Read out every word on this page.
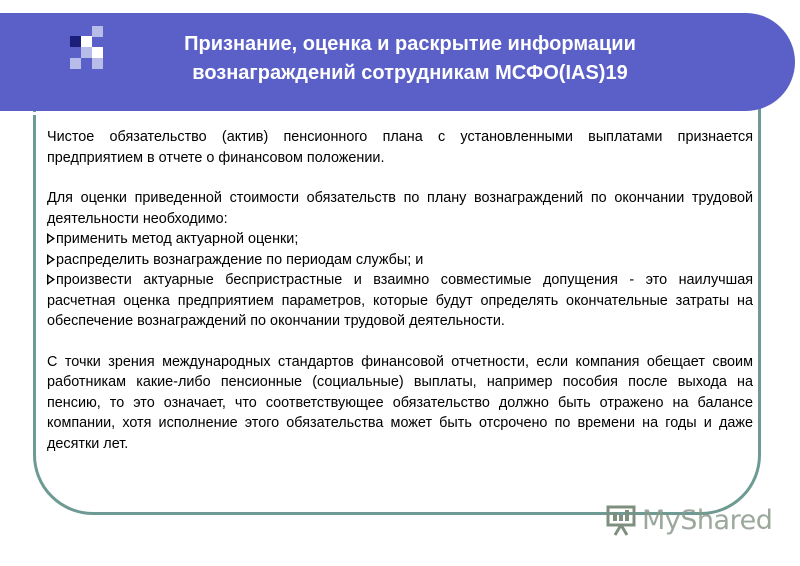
Признание, оценка и раскрытие информации
вознаграждений сотрудникам МСФО(IAS)19

Чистое обязательство (актив) пенсионного плана с установленными выплатами признается предприятием в отчете о финансовом положении.

Для оценки приведенной стоимости обязательств по плану вознаграждений по окончании трудовой деятельности необходимо:

применить метод актуарной оценки;

распределить вознаграждение по периодам службы; и

произвести актуарные беспристрастные и взаимно совместимые допущения - это наилучшая расчетная оценка предприятием параметров, которые будут определять окончательные затраты на обеспечение вознаграждений по окончании трудовой деятельности.

С точки зрения международных стандартов финансовой отчетности, если компания обещает своим работникам какие-либо пенсионные (социальные) выплаты, например пособия после выхода на пенсию, то это означает, что соответствующее обязательство должно быть отражено на балансе компании, хотя исполнение этого обязательства может быть отсрочено по времени на годы и даже десятки лет.

MyShared
